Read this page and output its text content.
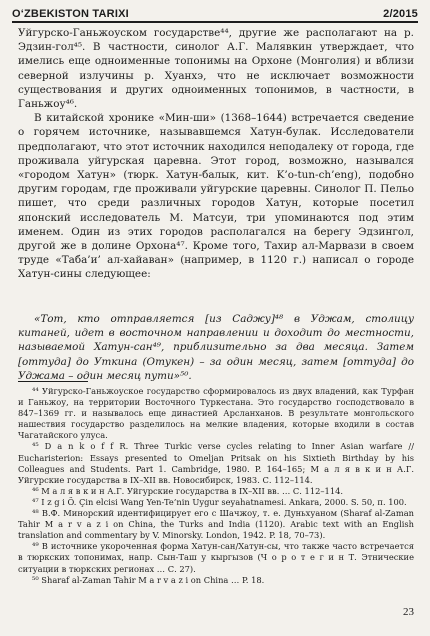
O‘ZBEKISTON TARIXI	2/2015

Уйгурско-Ганьжоуском государстве⁴⁴, другие же располагают на р. Эдзин-гол⁴⁵. В частности, синолог А.Г. Малявкин утверждает, что имелись еще одноименные топонимы на Орхоне (Монголия) и вблизи северной излучины р. Хуанхэ, что не исключает возможности существования и других одноименных топонимов, в частности, в Ганьжоу⁴⁶.

В китайской хронике «Мин-ши» (1368–1644) встречается сведение о горячем источнике, называвшемся Хатун-булак. Исследователи предполагают, что этот источник находился неподалеку от города, где проживала уйгурская царевна. Этот город, возможно, назывался «городом Хатун» (тюрк. Хатун-балык, кит. K’o-tun-ch’eng), подобно другим городам, где проживали уйгурские царевны. Синолог П. Пельо пишет, что среди различных городов Хатун, которые посетил японский исследователь М. Матсуи, три упоминаются под этим именем. Один из этих городов располагался на берегу Эдзингол, другой же в долине Орхона⁴⁷. Кроме того, Тахир ал-Марвази в своем труде «Таба’и’ ал-хайаван» (например, в 1120 г.) написал о городе Хатун-сины следующее:

«Тот, кто отправляется [из Саджу]⁴⁸ в Уджам, столицу китаней, идет в восточном направлении и доходит до местности, называемой Хатун-сан⁴⁹, приблизительно за два месяца. Затем [оттуда] до Уткина (Отукен) – за один месяц, затем [оттуда] до Уджама – один месяц пути»⁵⁰.

⁴⁴ Уйгурско-Ганьжоуское государство сформировалось из двух владений, как Турфан и Ганьжоу, на территории Восточного Туркестана. Это государство господствовало в 847–1369 гг. и называлось еще династией Арсланханов. В результате монгольского нашествия государство разделилось на мелкие владения, которые входили в состав Чагатайского улуса.

⁴⁵ D a n k o f f R. Three Turkic verse cycles relating to Inner Asian warfare // Eucharisterion: Essays presented to Omeljan Pritsak on his Sixtieth Birthday by his Colleagues and Students. Part 1. Cambridge, 1980. P. 164–165; М а л я в к и н А.Г. Уйгурские государства в IX–XII вв. Новосибирск, 1983. С. 112–114.

⁴⁶ М а л я в к и н А.Г. Уйгурские государства в IX–XII вв. … С. 112–114.

⁴⁷ I z g i Ö. Çin elcisi Wang Yen-Te’nin Uygur seyahatnamesi. Ankara, 2000. S. 50, п. 100.

⁴⁸ В.Ф. Минорский идентифицирует его с Шачжоу, т. е. Дуньхуаном (Sharaf al-Zaman Tahir M a r v a z i on China, the Turks and India (1120). Arabic text with an English translation and commentary by V. Minorsky. London, 1942. P. 18, 70–73).

⁴⁹ В источнике укороченная форма Хатун-сан/Хатун-сы, что также часто встречается в тюркских топонимах, напр. Сын-Таш у кыргызов (Ч о р о т е г и н Т. Этнические ситуации в тюркских регионах … С. 27).

⁵⁰ Sharaf al-Zaman Tahir M a r v a z i on China … P. 18.

23
